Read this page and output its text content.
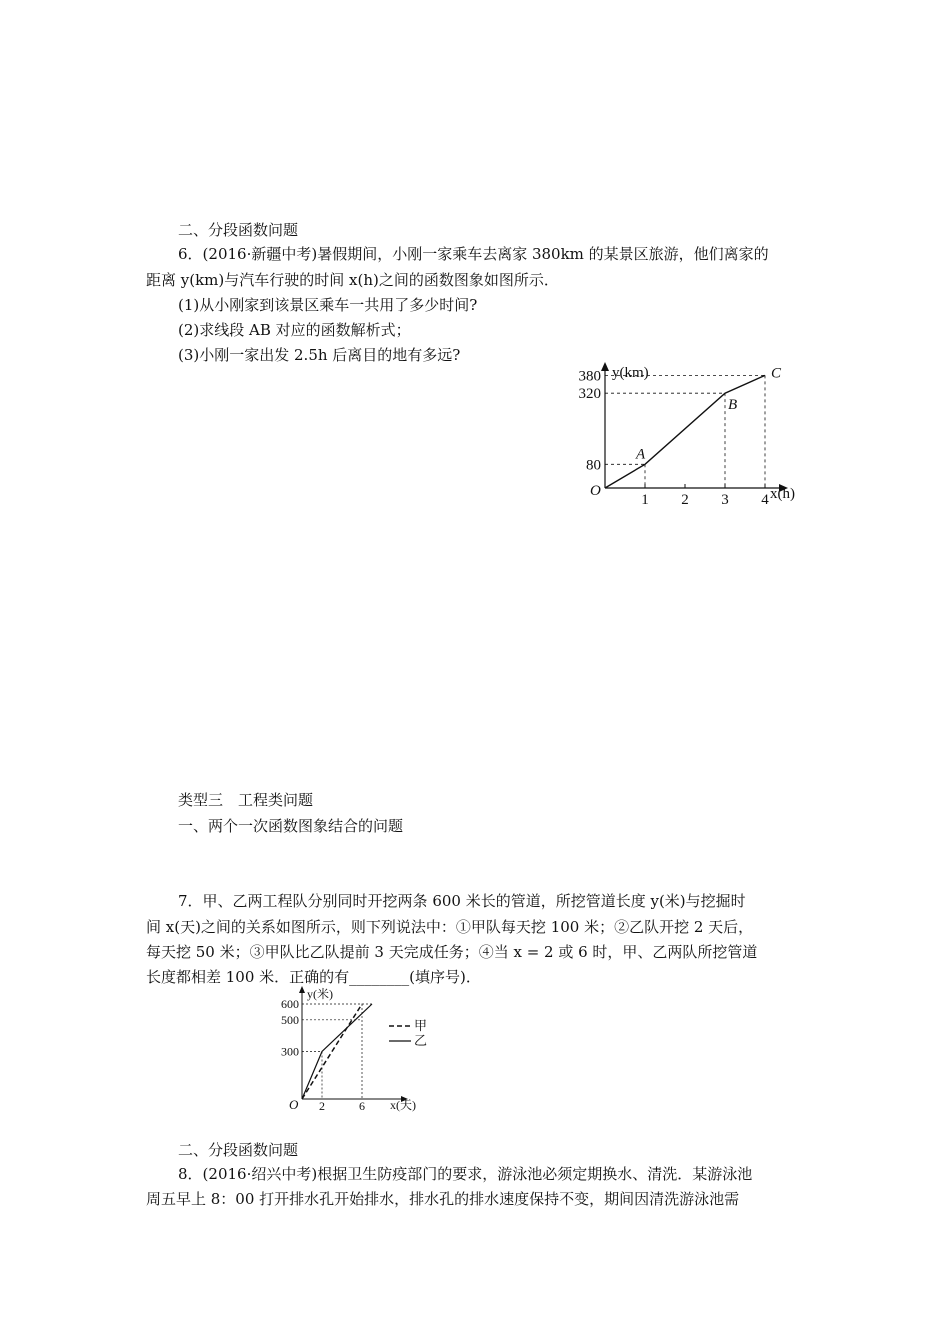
二、分段函数问题
6．(2016·新疆中考)暑假期间，小刚一家乘车去离家 380km 的某景区旅游，他们离家的
距离 y(km)与汽车行驶的时间 x(h)之间的函数图象如图所示．
(1)从小刚家到该景区乘车一共用了多少时间?
(2)求线段 AB 对应的函数解析式；
(3)小刚一家出发 2.5h 后离目的地有多远?
O
y(km)
x(h)
380
320
80
1 2 3 4
A
B
C
类型三　工程类问题
一、两个一次函数图象结合的问题
7．甲、乙两工程队分别同时开挖两条 600 米长的管道，所挖管道长度 y(米)与挖掘时
间 x(天)之间的关系如图所示，则下列说法中：①甲队每天挖 100 米；②乙队开挖 2 天后，
每天挖 50 米；③甲队比乙队提前 3 天完成任务；④当 x = 2 或 6 时，甲、乙两队所挖管道
长度都相差 100 米．正确的有________(填序号)．
O
y(米)
x(天)
600
500
300
2	6
甲
乙
二、分段函数问题
8．(2016·绍兴中考)根据卫生防疫部门的要求，游泳池必须定期换水、清洗．某游泳池
周五早上 8：00 打开排水孔开始排水，排水孔的排水速度保持不变，期间因清洗游泳池需
